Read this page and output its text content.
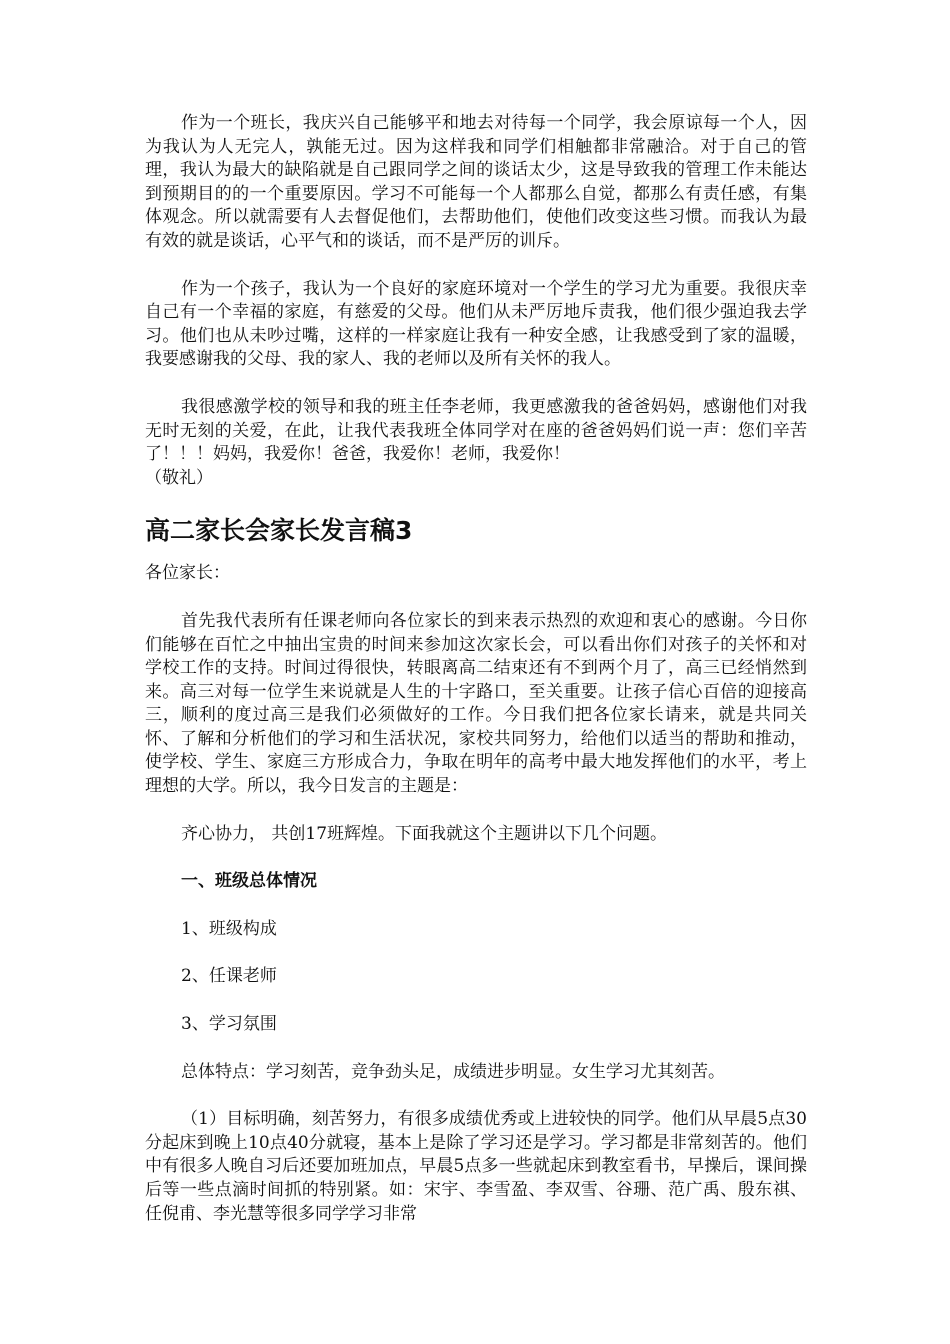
作为一个班长，我庆兴自己能够平和地去对待每一个同学，我会原谅每一个人，因为我认为人无完人，孰能无过。因为这样我和同学们相触都非常融洽。对于自己的管理，我认为最大的缺陷就是自己跟同学之间的谈话太少，这是导致我的管理工作未能达到预期目的的一个重要原因。学习不可能每一个人都那么自觉，都那么有责任感，有集体观念。所以就需要有人去督促他们，去帮助他们，使他们改变这些习惯。而我认为最有效的就是谈话，心平气和的谈话，而不是严厉的训斥。

作为一个孩子，我认为一个良好的家庭环境对一个学生的学习尤为重要。我很庆幸自己有一个幸福的家庭，有慈爱的父母。他们从未严厉地斥责我，他们很少强迫我去学习。他们也从未吵过嘴，这样的一样家庭让我有一种安全感，让我感受到了家的温暖，我要感谢我的父母、我的家人、我的老师以及所有关怀的我人。

我很感激学校的领导和我的班主任李老师，我更感激我的爸爸妈妈，感谢他们对我无时无刻的关爱，在此，让我代表我班全体同学对在座的爸爸妈妈们说一声：您们辛苦了！！！妈妈，我爱你！爸爸，我爱你！老师，我爱你！

（敬礼）

高二家长会家长发言稿3

各位家长：

首先我代表所有任课老师向各位家长的到来表示热烈的欢迎和衷心的感谢。今日你们能够在百忙之中抽出宝贵的时间来参加这次家长会，可以看出你们对孩子的关怀和对学校工作的支持。时间过得很快，转眼离高二结束还有不到两个月了，高三已经悄然到来。高三对每一位学生来说就是人生的十字路口，至关重要。让孩子信心百倍的迎接高三，顺利的度过高三是我们必须做好的工作。今日我们把各位家长请来，就是共同关怀、了解和分析他们的学习和生活状况，家校共同努力，给他们以适当的帮助和推动，使学校、学生、家庭三方形成合力，争取在明年的高考中最大地发挥他们的水平，考上理想的大学。所以，我今日发言的主题是：

齐心协力， 共创17班辉煌。下面我就这个主题讲以下几个问题。

一、班级总体情况

1、班级构成

2、任课老师

3、学习氛围

总体特点：学习刻苦，竞争劲头足，成绩进步明显。女生学习尤其刻苦。

（1）目标明确，刻苦努力，有很多成绩优秀或上进较快的同学。他们从早晨5点30分起床到晚上10点40分就寝，基本上是除了学习还是学习。学习都是非常刻苦的。他们中有很多人晚自习后还要加班加点，早晨5点多一些就起床到教室看书，早操后，课间操后等一些点滴时间抓的特别紧。如：宋宇、李雪盈、李双雪、谷珊、范广禹、殷东祺、任倪甫、李光慧等很多同学学习非常
